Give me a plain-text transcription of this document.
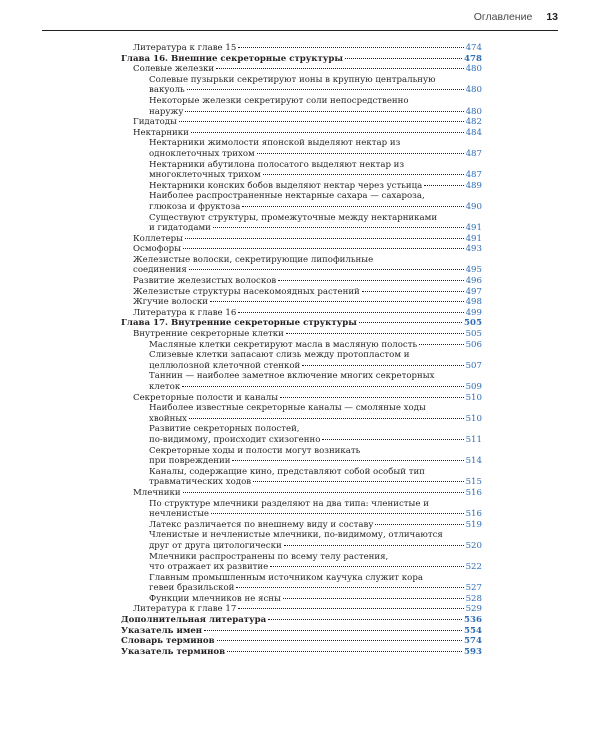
Оглавление 13
Литература к главе 15	474
Глава 16. Внешние секреторные структуры	478
Солевые железки	480
Солевые пузырьки секретируют ионы в крупную центральную
вакуоль	480
Некоторые железки секретируют соли непосредственно
наружу	480
Гидатоды	482
Нектарники	484
Нектарники жимолости японской выделяют нектар из
одноклеточных трихом	487
Нектарники абутилона полосатого выделяют нектар из
многоклеточных трихом	487
Нектарники конских бобов выделяют нектар через устьица	489
Наиболее распространенные нектарные сахара — сахароза,
глюкоза и фруктоза	490
Существуют структуры, промежуточные между нектарниками
и гидатодами	491
Коллетеры	491
Осмофоры	493
Железистые волоски, секретирующие липофильные
соединения	495
Развитие железистых волосков	496
Железистые структуры насекомоядных растений	497
Жгучие волоски	498
Литература к главе 16	499
Глава 17. Внутренние секреторные структуры	505
Внутренние секреторные клетки	505
Масляные клетки секретируют масла в масляную полость	506
Слизевые клетки запасают слизь между протопластом и
целлюлозной клеточной стенкой	507
Таннин — наиболее заметное включение многих секреторных
клеток	509
Секреторные полости и каналы	510
Наиболее известные секреторные каналы — смоляные ходы
хвойных	510
Развитие секреторных полостей,
по-видимому, происходит схизогенно	511
Секреторные ходы и полости могут возникать
при повреждении	514
Каналы, содержащие кино, представляют собой особый тип
травматических ходов	515
Млечники	516
По структуре млечники разделяют на два типа: членистые и
нечленистые	516
Латекс различается по внешнему виду и составу	519
Членистые и нечленистые млечники, по-видимому, отличаются
друг от друга цитологически	520
Млечники распространены по всему телу растения,
что отражает их развитие	522
Главным промышленным источником каучука служит кора
гевеи бразильской	527
Функции млечников не ясны	528
Литература к главе 17	529
Дополнительная литература	536
Указатель имен	554
Словарь терминов	574
Указатель терминов	593
